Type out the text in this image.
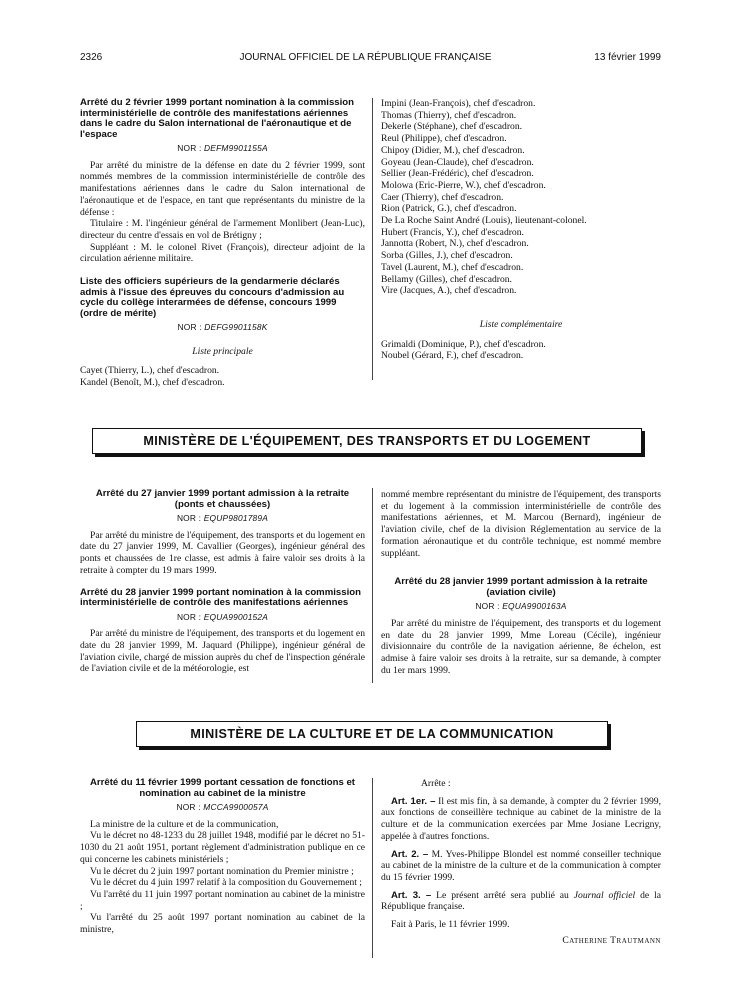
2326	JOURNAL OFFICIEL DE LA RÉPUBLIQUE FRANÇAISE	13 février 1999
Arrêté du 2 février 1999 portant nomination à la commission interministérielle de contrôle des manifestations aériennes dans le cadre du Salon international de l'aéronautique et de l'espace
NOR : DEFM9901155A

Par arrêté du ministre de la défense en date du 2 février 1999, sont nommés membres de la commission interministérielle de contrôle des manifestations aériennes dans le cadre du Salon international de l'aéronautique et de l'espace, en tant que représentants du ministre de la défense :

Titulaire : M. l'ingénieur général de l'armement Monlibert (Jean-Luc), directeur du centre d'essais en vol de Brétigny ;

Suppléant : M. le colonel Rivet (François), directeur adjoint de la circulation aérienne militaire.

Liste des officiers supérieurs de la gendarmerie déclarés admis à l'issue des épreuves du concours d'admission au cycle du collège interarmées de défense, concours 1999 (ordre de mérite)
NOR : DEFG9901158K
Liste principale
Cayet (Thierry, L.), chef d'escadron.
Kandel (Benoît, M.), chef d'escadron.
Impini (Jean-François), chef d'escadron.
Thomas (Thierry), chef d'escadron.
Dekerle (Stéphane), chef d'escadron.
Reul (Philippe), chef d'escadron.
Chipoy (Didier, M.), chef d'escadron.
Goyeau (Jean-Claude), chef d'escadron.
Sellier (Jean-Frédéric), chef d'escadron.
Molowa (Eric-Pierre, W.), chef d'escadron.
Caer (Thierry), chef d'escadron.
Rion (Patrick, G.), chef d'escadron.
De La Roche Saint André (Louis), lieutenant-colonel.
Hubert (Francis, Y.), chef d'escadron.
Jannotta (Robert, N.), chef d'escadron.
Sorba (Gilles, J.), chef d'escadron.
Tavel (Laurent, M.), chef d'escadron.
Bellamy (Gilles), chef d'escadron.
Vire (Jacques, A.), chef d'escadron.
Liste complémentaire
Grimaldi (Dominique, P.), chef d'escadron.
Noubel (Gérard, F.), chef d'escadron.
MINISTÈRE DE L'ÉQUIPEMENT, DES TRANSPORTS ET DU LOGEMENT
Arrêté du 27 janvier 1999 portant admission à la retraite (ponts et chaussées)
NOR : EQUP9801789A

Par arrêté du ministre de l'équipement, des transports et du logement en date du 27 janvier 1999, M. Cavallier (Georges), ingénieur général des ponts et chaussées de 1re classe, est admis à faire valoir ses droits à la retraite à compter du 19 mars 1999.

Arrêté du 28 janvier 1999 portant nomination à la commission interministérielle de contrôle des manifestations aériennes
NOR : EQUA9900152A

Par arrêté du ministre de l'équipement, des transports et du logement en date du 28 janvier 1999, M. Jaquard (Philippe), ingénieur général de l'aviation civile, chargé de mission auprès du chef de l'inspection générale de l'aviation civile et de la météorologie, est

nommé membre représentant du ministre de l'équipement, des transports et du logement à la commission interministérielle de contrôle des manifestations aériennes, et M. Marcou (Bernard), ingénieur de l'aviation civile, chef de la division Réglementation au service de la formation aéronautique et du contrôle technique, est nommé membre suppléant.

Arrêté du 28 janvier 1999 portant admission à la retraite (aviation civile)
NOR : EQUA9900163A

Par arrêté du ministre de l'équipement, des transports et du logement en date du 28 janvier 1999, Mme Loreau (Cécile), ingénieur divisionnaire du contrôle de la navigation aérienne, 8e échelon, est admise à faire valoir ses droits à la retraite, sur sa demande, à compter du 1er mars 1999.

MINISTÈRE DE LA CULTURE ET DE LA COMMUNICATION
Arrêté du 11 février 1999 portant cessation de fonctions et nomination au cabinet de la ministre
NOR : MCCA9900057A

La ministre de la culture et de la communication,

Vu le décret no 48-1233 du 28 juillet 1948, modifié par le décret no 51-1030 du 21 août 1951, portant règlement d'administration publique en ce qui concerne les cabinets ministériels ;

Vu le décret du 2 juin 1997 portant nomination du Premier ministre ;

Vu le décret du 4 juin 1997 relatif à la composition du Gouvernement ;

Vu l'arrêté du 11 juin 1997 portant nomination au cabinet de la ministre ;

Vu l'arrêté du 25 août 1997 portant nomination au cabinet de la ministre,

Arrête :

Art. 1er. – Il est mis fin, à sa demande, à compter du 2 février 1999, aux fonctions de conseillère technique au cabinet de la ministre de la culture et de la communication exercées par Mme Josiane Lecrigny, appelée à d'autres fonctions.

Art. 2. – M. Yves-Philippe Blondel est nommé conseiller technique au cabinet de la ministre de la culture et de la communication à compter du 15 février 1999.

Art. 3. – Le présent arrêté sera publié au Journal officiel de la République française.

Fait à Paris, le 11 février 1999.

Catherine Trautmann
